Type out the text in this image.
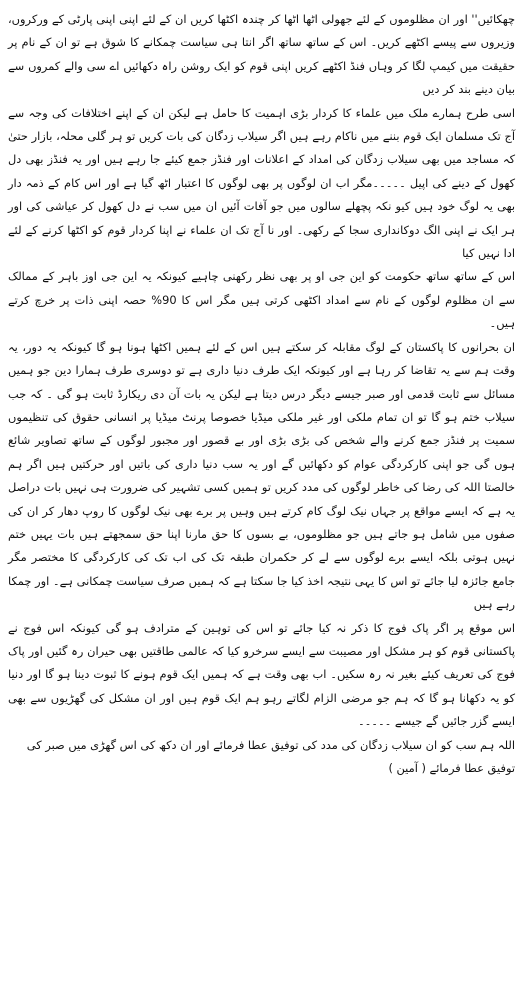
چھکائیں'' اور ان مظلوموں کے لئے جھولی اٹھا اٹھا کر چندہ اکٹھا کریں ان کے لئے اپنی اپنی پارٹی کے ورکروں، وزیروں سے پیسے اکٹھے کریں۔ اس کے ساتھ ساتھ اگر انتا ہی سیاست چمکانے کا شوق ہے تو ان کے نام پر حقیقت میں کیمپ لگا کر وہاں فنڈ اکٹھے کریں اپنی قوم کو ایک روشن راہ دکھائیں اے سی والے کمروں سے بیان دینے بند کر دیں

اسی طرح ہمارے ملک میں علماء کا کردار بڑی اہمیت کا حامل ہے لیکن ان کے اپنے اختلافات کی وجہ سے آج تک مسلمان ایک قوم بننے میں ناکام رہے ہیں اگر سیلاب زدگان کی بات کریں تو ہر گلی محلہ، بازار حتیٰ کہ مساجد میں بھی سیلاب زدگان کی امداد کے اعلانات اور فنڈز جمع کیئے جا رہے ہیں اور یہ فنڈز بھی دل کھول کے دینے کی اپیل ۔۔۔۔۔مگر اب ان لوگوں پر بھی لوگوں کا اعتبار اٹھ گیا ہے اور اس کام کے ذمہ دار بھی یہ لوگ خود ہیں کیو نکہ پچھلے سالوں میں جو آفات آئیں ان میں سب نے دل کھول کر عیاشی کی اور ہر ایک نے اپنی الگ دوکانداری سجا کے رکھی۔ اور نا آج تک ان علماء نے اپنا کردار قوم کو اکٹھا کرنے کے لئے ادا نہیں کیا

اس کے ساتھ ساتھ حکومت کو این جی او پر بھی نظر رکھنی چاہیے کیونکہ یہ این جی اوز باہر کے ممالک سے ان مظلوم لوگوں کے نام سے امداد اکٹھی کرتی ہیں مگر اس کا 90% حصہ اپنی ذات پر خرچ کرتے ہیں۔

ان بحرانوں کا پاکستان کے لوگ مقابلہ کر سکتے ہیں اس کے لئے ہمیں اکٹھا ہونا ہو گا کیونکہ یہ دور، یہ وقت ہم سے یہ تقاضا کر رہا ہے اور کیونکہ ایک طرف دنیا داری ہے تو دوسری طرف ہمارا دین جو ہمیں مسائل سے ثابت قدمی اور صبر جیسے دیگر درس دیتا ہے لیکن یہ بات آن دی ریکارڈ ثابت ہو گی ۔ کہ جب سیلاب ختم ہو گا تو ان تمام ملکی اور غیر ملکی میڈیا خصوصا پرنٹ میڈیا پر انسانی حقوق کی تنظیموں سمیت پر فنڈز جمع کرنے والے شخص کی بڑی بڑی اور بے قصور اور مجبور لوگوں کے ساتھ تصاویر شائع ہوں گی جو اپنی کارکردگی عوام کو دکھائیں گے اور یہ سب دنیا داری کی باتیں اور حرکتیں ہیں اگر ہم خالصتا اللہ کی رضا کی خاطر لوگوں کی مدد کریں تو ہمیں کسی تشہیر کی ضرورت ہی نہیں بات دراصل یہ ہے کہ ایسے مواقع پر جہاں نیک لوگ کام کرتے ہیں وہیں پر برے بھی نیک لوگوں کا روپ دھار کر ان کی صفوں میں شامل ہو جاتے ہیں جو مظلوموں، بے بسوں کا حق مارنا اپنا حق سمجھتے ہیں بات یہیں ختم نہیں ہوتی بلکہ ایسے برے لوگوں سے لے کر حکمران طبقہ تک کی اب تک کی کارکردگی کا مختصر مگر جامع جائزہ لیا جائے تو اس کا یہی نتیجہ اخذ کیا جا سکتا ہے کہ ہمیں صرف سیاست چمکانی ہے۔ اور چمکا رہے ہیں

اس موقع پر اگر پاک فوج کا ذکر نہ کیا جائے تو اس کی توہین کے مترادف ہو گی کیونکہ اس فوج نے پاکستانی قوم کو ہر مشکل اور مصیبت سے ایسے سرخرو کیا کہ عالمی طاقتیں بھی حیران رہ گئیں اور پاک فوج کی تعریف کیئے بغیر نہ رہ سکیں۔ اب بھی وقت ہے کہ ہمیں ایک قوم ہونے کا ثبوت دینا ہو گا اور دنیا کو یہ دکھانا ہو گا کہ ہم جو مرضی الزام لگاتے رہو ہم ایک قوم ہیں اور ان مشکل کی گھڑیوں سے بھی ایسے گزر جائیں گے جیسے ۔۔۔۔۔

اللہ ہم سب کو ان سیلاب زدگان کی مدد کی توفیق عطا فرمائے اور ان دکھ کی اس گھڑی میں صبر کی توفیق عطا فرمائے ( آمین )
